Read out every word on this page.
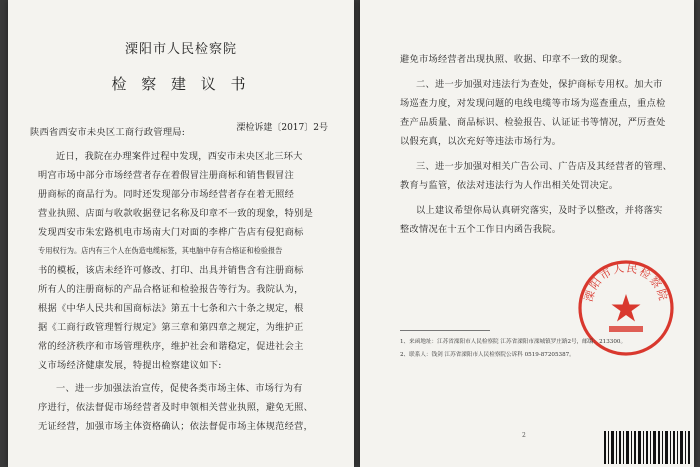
溧阳市人民检察院
检 察 建 议 书
溧检诉建〔2017〕2号
陕西省西安市未央区工商行政管理局:
近日，我院在办理案件过程中发现，西安市未央区北三环大
明宫市场中部分市场经营者存在着假冒注册商标和销售假冒注
册商标的商品行为。同时还发现部分市场经营者存在着无照经
营业执照、店面与收款收据登记名称及印章不一致的现象，特别是
发现西安市朱宏路机电市场南大门对面的李桦广告店有侵犯商标
专用权行为。店内有三个人在伪造电缆标签，其电脑中存有合格证和检验报告
书的模板，该店未经许可修改、打印、出具并销售含有注册商标
所有人的注册商标的产品合格证和检验报告等行为。我院认为，
根据《中华人民共和国商标法》第五十七条和六十条之规定，根
据《工商行政管理暂行规定》第三章和第四章之规定，为维护正
常的经济秩序和市场管理秩序，维护社会和谐稳定，促进社会主
义市场经济健康发展，特提出检察建议如下:
一、进一步加强法治宣传，促使各类市场主体、市场行为有
序进行，依法督促市场经营者及时申领相关营业执照，避免无照、
无证经营，加强市场主体资格确认；依法督促市场主体规范经营，
避免市场经营者出现执照、收据、印章不一致的现象。
二、进一步加强对违法行为查处，保护商标专用权。加大市
场巡查力度，对发现问题的电线电缆等市场为巡查重点，重点检
查产品质量、商品标识、检验报告、认证证书等情况，严厉查处
以假充真，以次充好等违法市场行为。
三、进一步加强对相关广告公司、广告店及其经营者的管理、
教育与监管，依法对违法行为人作出相关处罚决定。
以上建议希望你局认真研究落实，及时予以整改，并将落实
整改情况在十五个工作日内函告我院。
溧阳市人民检察院
1、来函地址：江苏省溧阳市人民检察院 江苏省溧阳市溧城镇罗庄路2号，邮编：213300。
2、联系人：钱剑 江苏省溧阳市人民检察院公诉科 0519-87205387。
2
